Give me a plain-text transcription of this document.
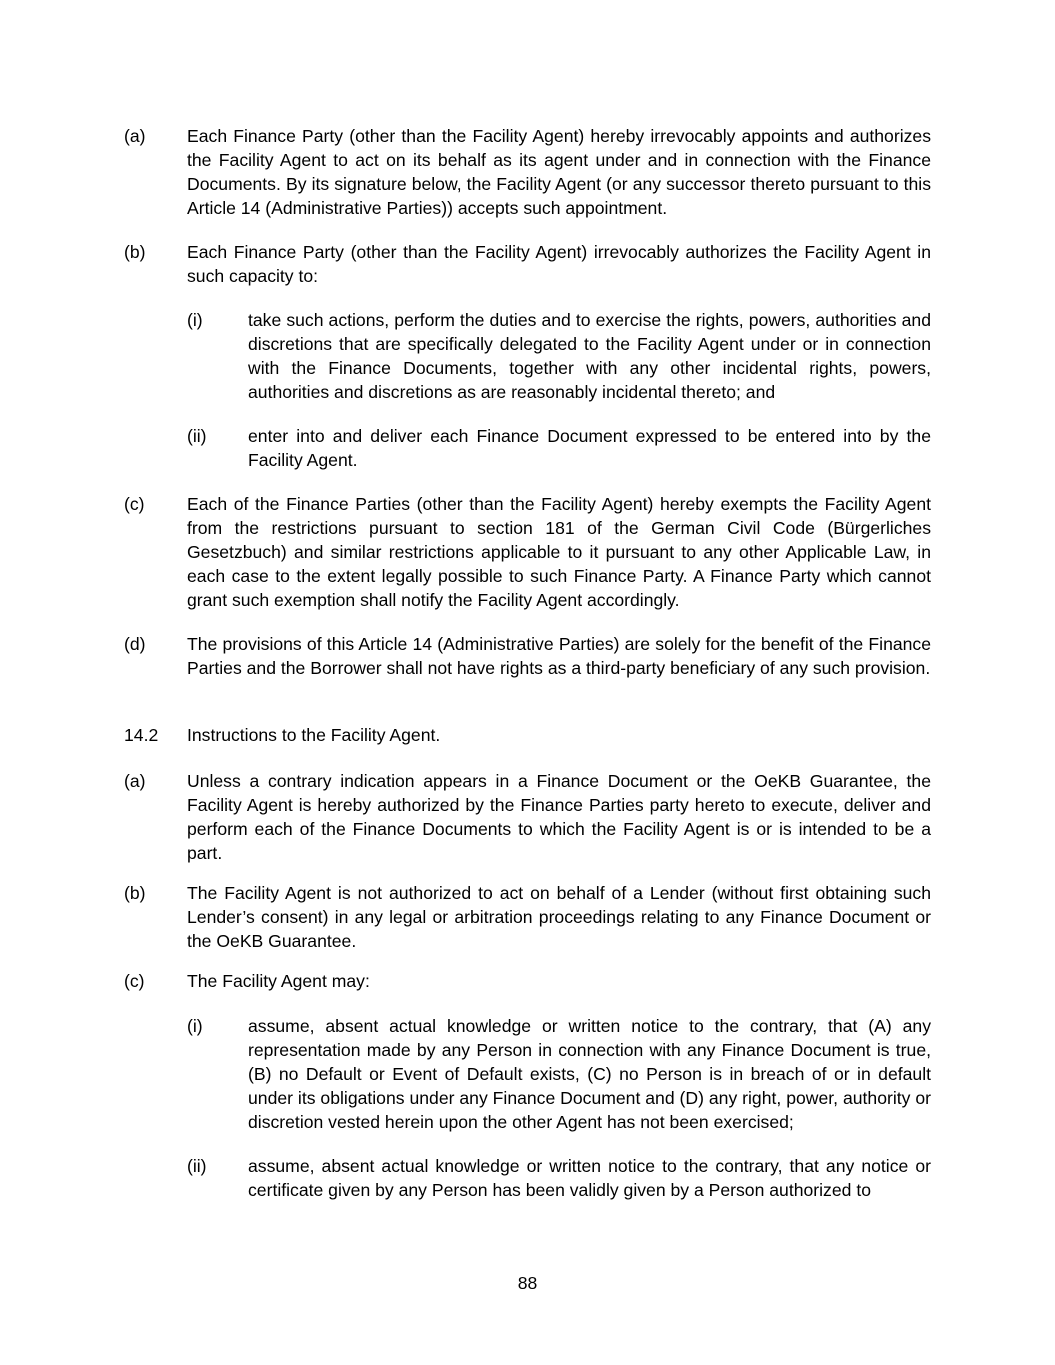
(a) Each Finance Party (other than the Facility Agent) hereby irrevocably appoints and authorizes the Facility Agent to act on its behalf as its agent under and in connection with the Finance Documents. By its signature below, the Facility Agent (or any successor thereto pursuant to this Article 14 (Administrative Parties)) accepts such appointment.

(b) Each Finance Party (other than the Facility Agent) irrevocably authorizes the Facility Agent in such capacity to:

(i)	take such actions, perform the duties and to exercise the rights, powers, authorities and discretions that are specifically delegated to the Facility Agent under or in connection with the Finance Documents, together with any other incidental rights, powers, authorities and discretions as are reasonably incidental thereto; and

(ii) enter into and deliver each Finance Document expressed to be entered into by the Facility Agent.

(c) Each of the Finance Parties (other than the Facility Agent) hereby exempts the Facility Agent from the restrictions pursuant to section 181 of the German Civil Code (Bürgerliches Gesetzbuch) and similar restrictions applicable to it pursuant to any other Applicable Law, in each case to the extent legally possible to such Finance Party. A Finance Party which cannot grant such exemption shall notify the Facility Agent accordingly.

(d) The provisions of this Article 14 (Administrative Parties) are solely for the benefit of the Finance Parties and the Borrower shall not have rights as a third-party beneficiary of any such provision.

14.2 Instructions to the Facility Agent.

(a) Unless a contrary indication appears in a Finance Document or the OeKB Guarantee, the Facility Agent is hereby authorized by the Finance Parties party hereto to execute, deliver and perform each of the Finance Documents to which the Facility Agent is or is intended to be a part.

(b) The Facility Agent is not authorized to act on behalf of a Lender (without first obtaining such Lender’s consent) in any legal or arbitration proceedings relating to any Finance Document or the OeKB Guarantee.

(c) The Facility Agent may:

(i)	assume, absent actual knowledge or written notice to the contrary, that (A) any representation made by any Person in connection with any Finance Document is true, (B) no Default or Event of Default exists, (C) no Person is in breach of or in default under its obligations under any Finance Document and (D) any right, power, authority or discretion vested herein upon the other Agent has not been exercised;

(ii) assume, absent actual knowledge or written notice to the contrary, that any notice or certificate given by any Person has been validly given by a Person authorized to

88
